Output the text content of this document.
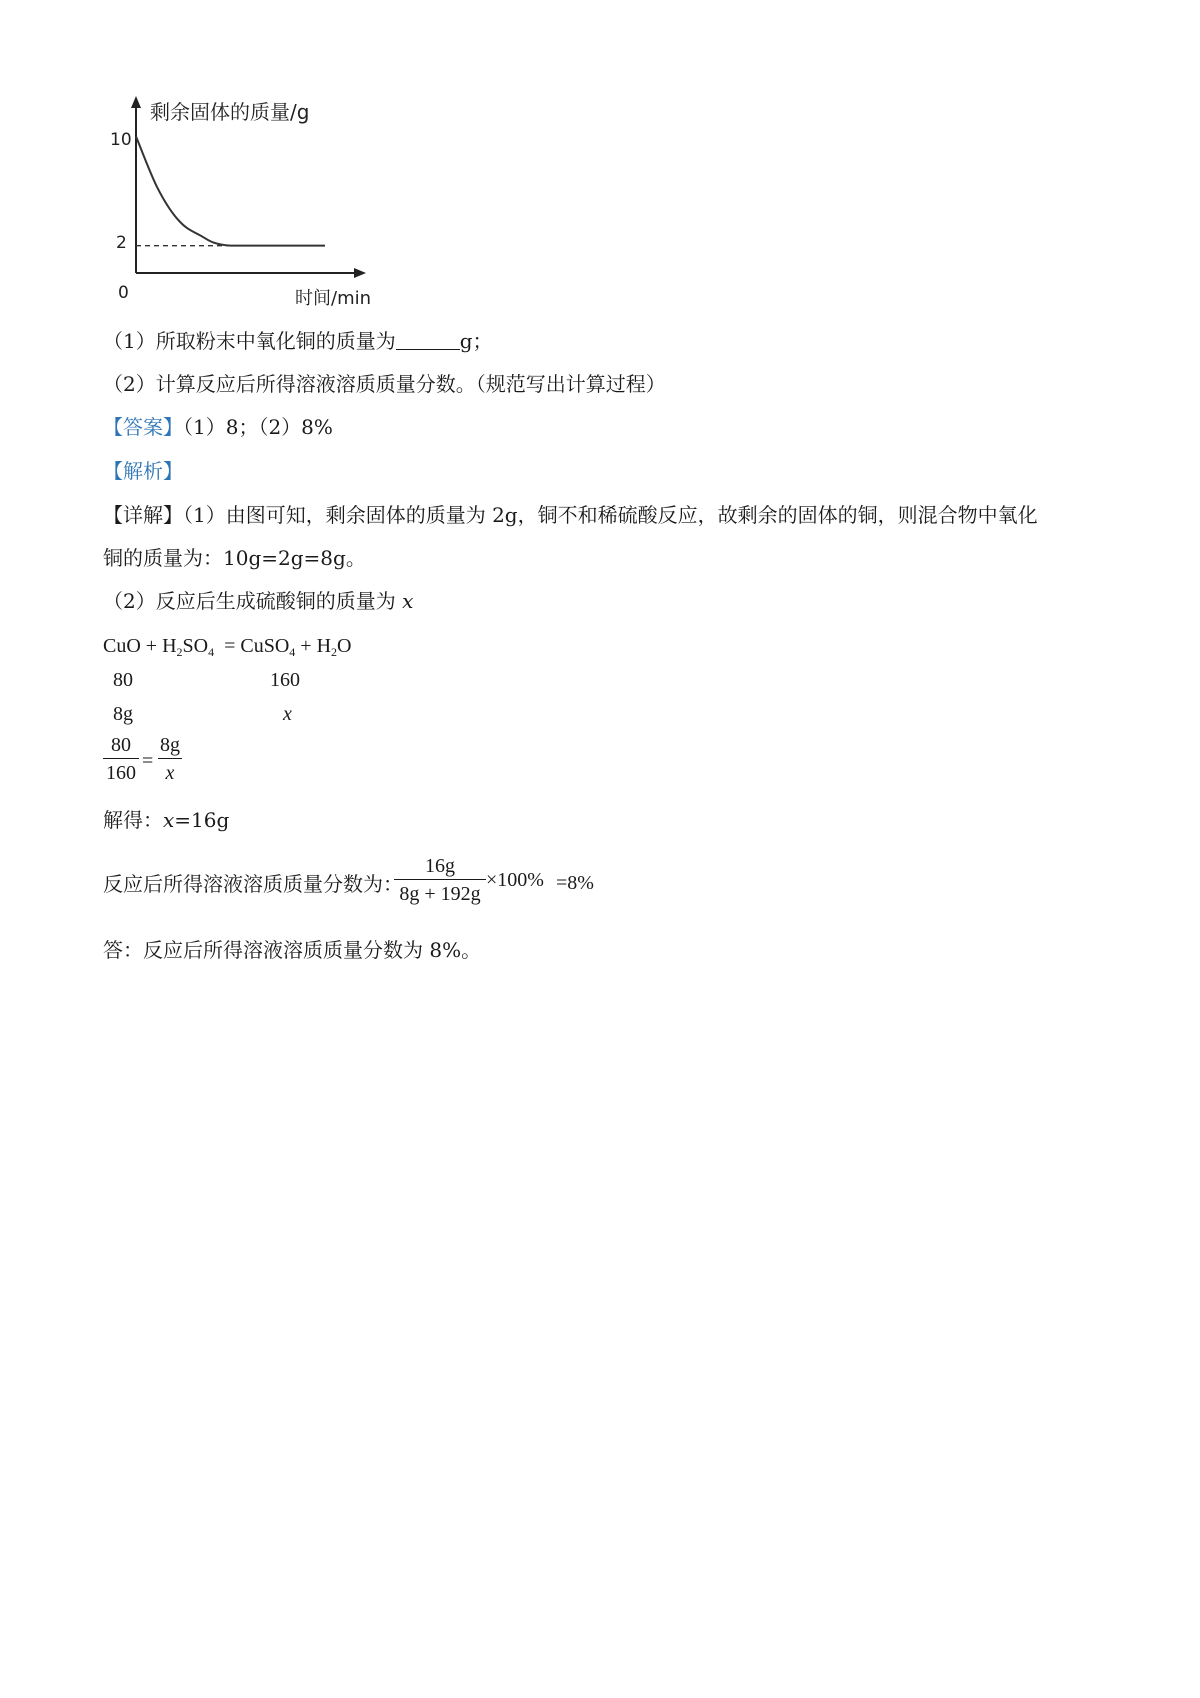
剩余固体的质量/g
时间/min
0
10
2
（1）所取粉末中氧化铜的质量为	g；
（2）计算反应后所得溶液溶质质量分数。（规范写出计算过程）
【答案】（1）8；（2）8%
【解析】
【详解】（1）由图可知，剩余固体的质量为 2g，铜不和稀硫酸反应，故剩余的固体的铜，则混合物中氧化
铜的质量为：10g=2g=8g。
（2）反应后生成硫酸铜的质量为 x
CuO + $H_2SO_4$ = CuSO$_4$ + $H_2O$
80	160
8g	x
80
160
=
8g
x
解得：x=16g
反应后所得溶液溶质质量分数为：
16g
8g + 192g
×100% =8%
答：反应后所得溶液溶质质量分数为 8%。
